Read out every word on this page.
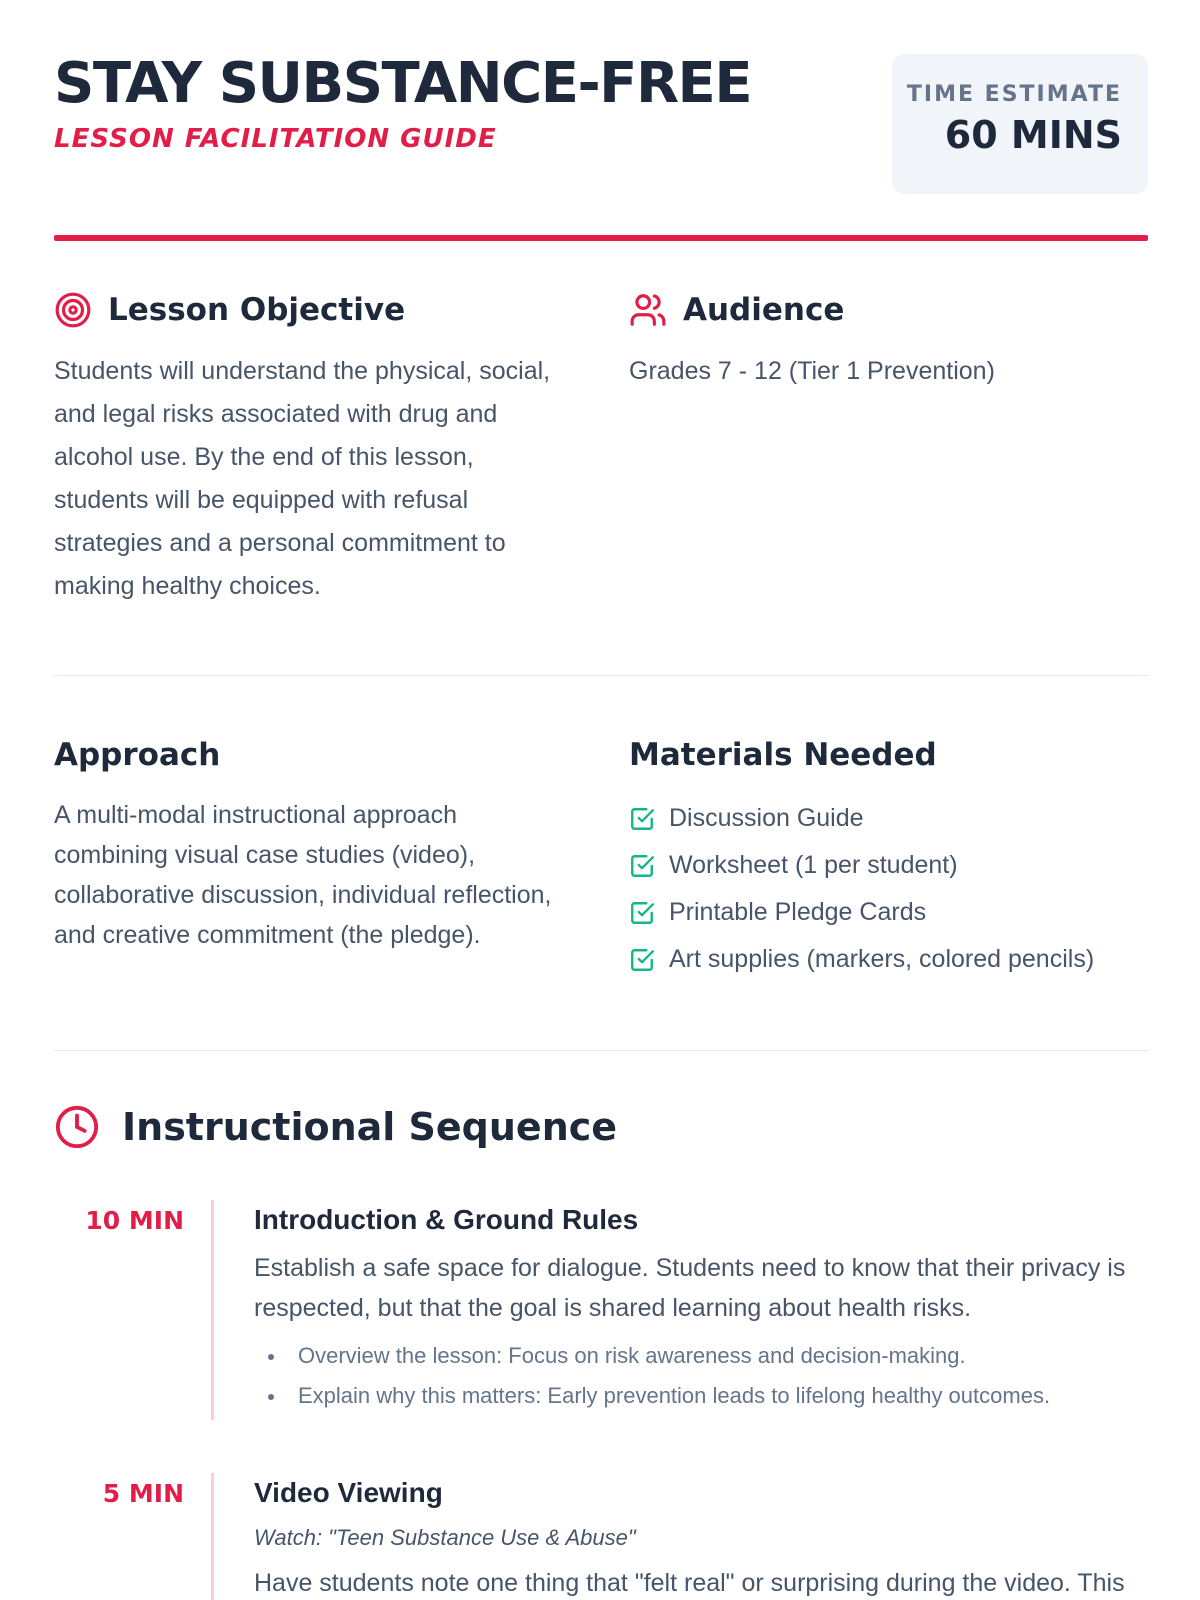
STAY SUBSTANCE-FREE
LESSON FACILITATION GUIDE
TIME ESTIMATE
60 MINS
Lesson Objective

Students will understand the physical, social, and legal risks associated with drug and alcohol use. By the end of this lesson, students will be equipped with refusal strategies and a personal commitment to making healthy choices.

Audience

Grades 7 - 12 (Tier 1 Prevention)

Approach

A multi-modal instructional approach combining visual case studies (video), collaborative discussion, individual reflection, and creative commitment (the pledge).

Materials Needed
Discussion Guide
Worksheet (1 per student)
Printable Pledge Cards
Art supplies (markers, colored pencils)
Instructional Sequence
10 MIN	Introduction & Ground Rules

Establish a safe space for dialogue. Students need to know that their privacy is respected, but that the goal is shared learning about health risks.

Overview the lesson: Focus on risk awareness and decision-making.
Explain why this matters: Early prevention leads to lifelong healthy outcomes.
5 MIN	Video Viewing
Watch: "Teen Substance Use & Abuse"

Have students note one thing that "felt real" or surprising during the video. This
